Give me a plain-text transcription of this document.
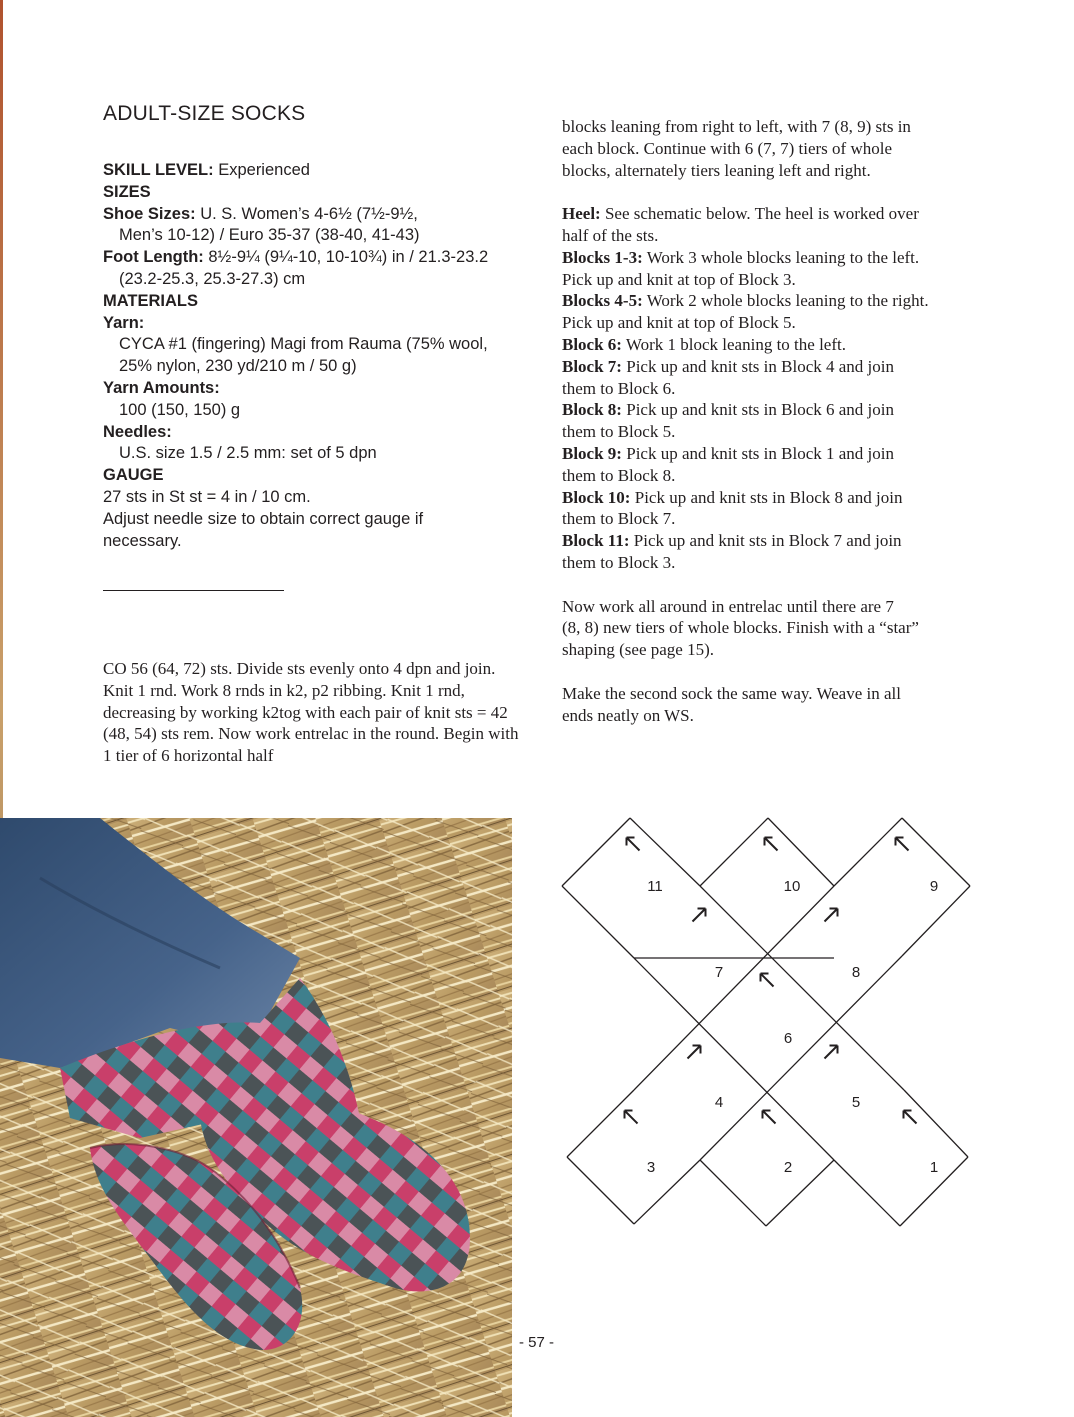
ADULT-SIZE SOCKS
SKILL LEVEL: Experienced
SIZES
Shoe Sizes: U. S. Women’s 4-6½ (7½-9½,
Men’s 10-12) / Euro 35-37 (38-40, 41-43)
Foot Length: 8½-9¼ (9¼-10, 10-10¾) in / 21.3-23.2
(23.2-25.3, 25.3-27.3) cm
MATERIALS
Yarn:
CYCA #1 (fingering) Magi from Rauma (75% wool,
25% nylon, 230 yd/210 m / 50 g)
Yarn Amounts:
100 (150, 150) g
Needles:
U.S. size 1.5 / 2.5 mm: set of 5 dpn
GAUGE
27 sts in St st = 4 in / 10 cm.
Adjust needle size to obtain correct gauge if
necessary.
CO 56 (64, 72) sts. Divide sts evenly onto 4 dpn and join. Knit 1 rnd. Work 8 rnds in k2, p2 ribbing. Knit 1 rnd, decreasing by working k2tog with each pair of knit sts = 42 (48, 54) sts rem. Now work entrelac in the round. Begin with 1 tier of 6 horizontal half
blocks leaning from right to left, with 7 (8, 9) sts in
each block. Continue with 6 (7, 7) tiers of whole
blocks, alternately tiers leaning left and right.
Heel: See schematic below. The heel is worked over
half of the sts.
Blocks 1-3: Work 3 whole blocks leaning to the left.
Pick up and knit at top of Block 3.
Blocks 4-5: Work 2 whole blocks leaning to the right.
Pick up and knit at top of Block 5.
Block 6: Work 1 block leaning to the left.
Block 7: Pick up and knit sts in Block 4 and join
them to Block 6.
Block 8: Pick up and knit sts in Block 6 and join
them to Block 5.
Block 9: Pick up and knit sts in Block 1 and join
them to Block 8.
Block 10: Pick up and knit sts in Block 8 and join
them to Block 7.
Block 11: Pick up and knit sts in Block 7 and join
them to Block 3.
Now work all around in entrelac until there are 7
(8, 8) new tiers of whole blocks. Finish with a “star”
shaping (see page 15).
Make the second sock the same way. Weave in all
ends neatly on WS.
1
2
3
4	5
6
7	8
9
10
11
- 57 -
